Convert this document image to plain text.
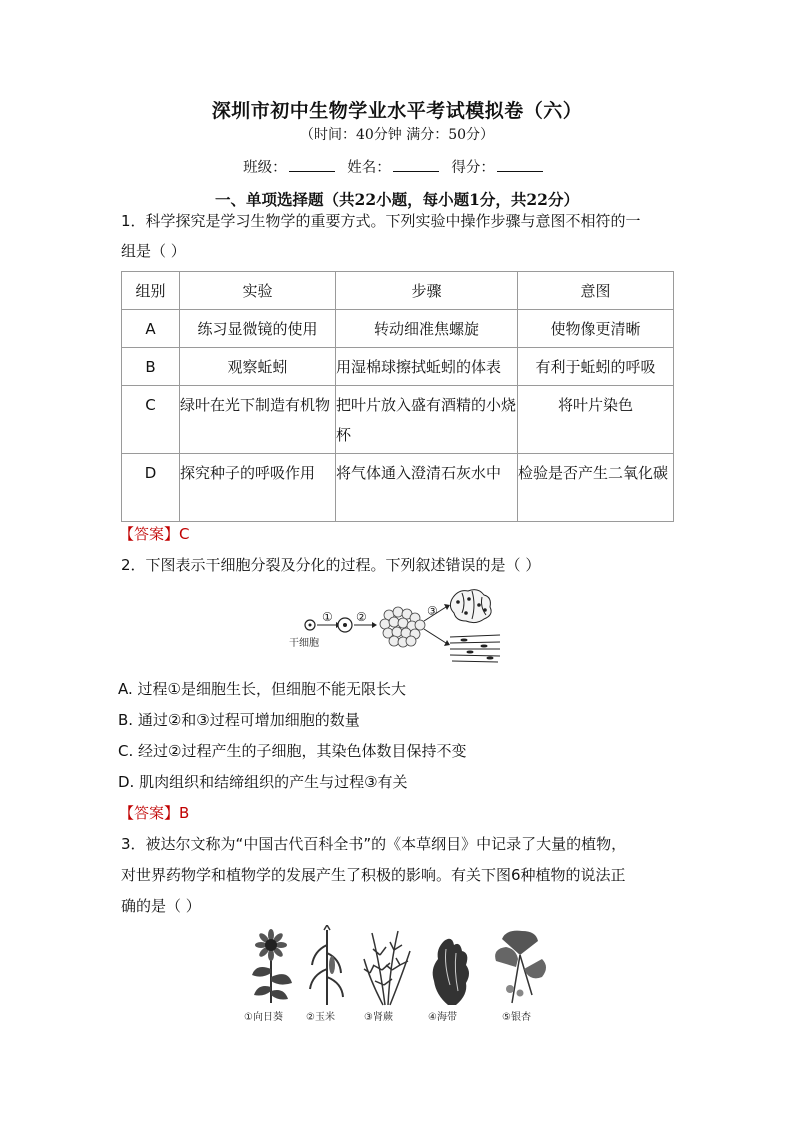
深圳市初中生物学业水平考试模拟卷（六）
（时间：40分钟 满分：50分）
班级：	姓名：	得分：
一、单项选择题（共22小题，每小题1分，共22分）
1．科学探究是学习生物学的重要方式。下列实验中操作步骤与意图不相符的一
组是（ ）
组别	实验	步骤	意图
A	练习显微镜的使用	转动细准焦螺旋	使物像更清晰
B	观察蚯蚓	用湿棉球擦拭蚯蚓的体表	有利于蚯蚓的呼吸
C	绿叶在光下制造有机物	把叶片放入盛有酒精的小烧杯	将叶片染色
D	探究种子的呼吸作用	将气体通入澄清石灰水中	检验是否产生二氧化碳
【答案】C
2．下图表示干细胞分裂及分化的过程。下列叙述错误的是（ ）
干细胞
① ②	③
A. 过程①是细胞生长，但细胞不能无限长大
B. 通过②和③过程可增加细胞的数量
C. 经过②过程产生的子细胞，其染色体数目保持不变
D. 肌肉组织和结缔组织的产生与过程③有关
【答案】B
3．被达尔文称为“中国古代百科全书”的《本草纲目》中记录了大量的植物，
对世界药物学和植物学的发展产生了积极的影响。有关下图6种植物的说法正
确的是（ ）
①向日葵 ②玉米	③肾蕨	④海带	⑤银杏
